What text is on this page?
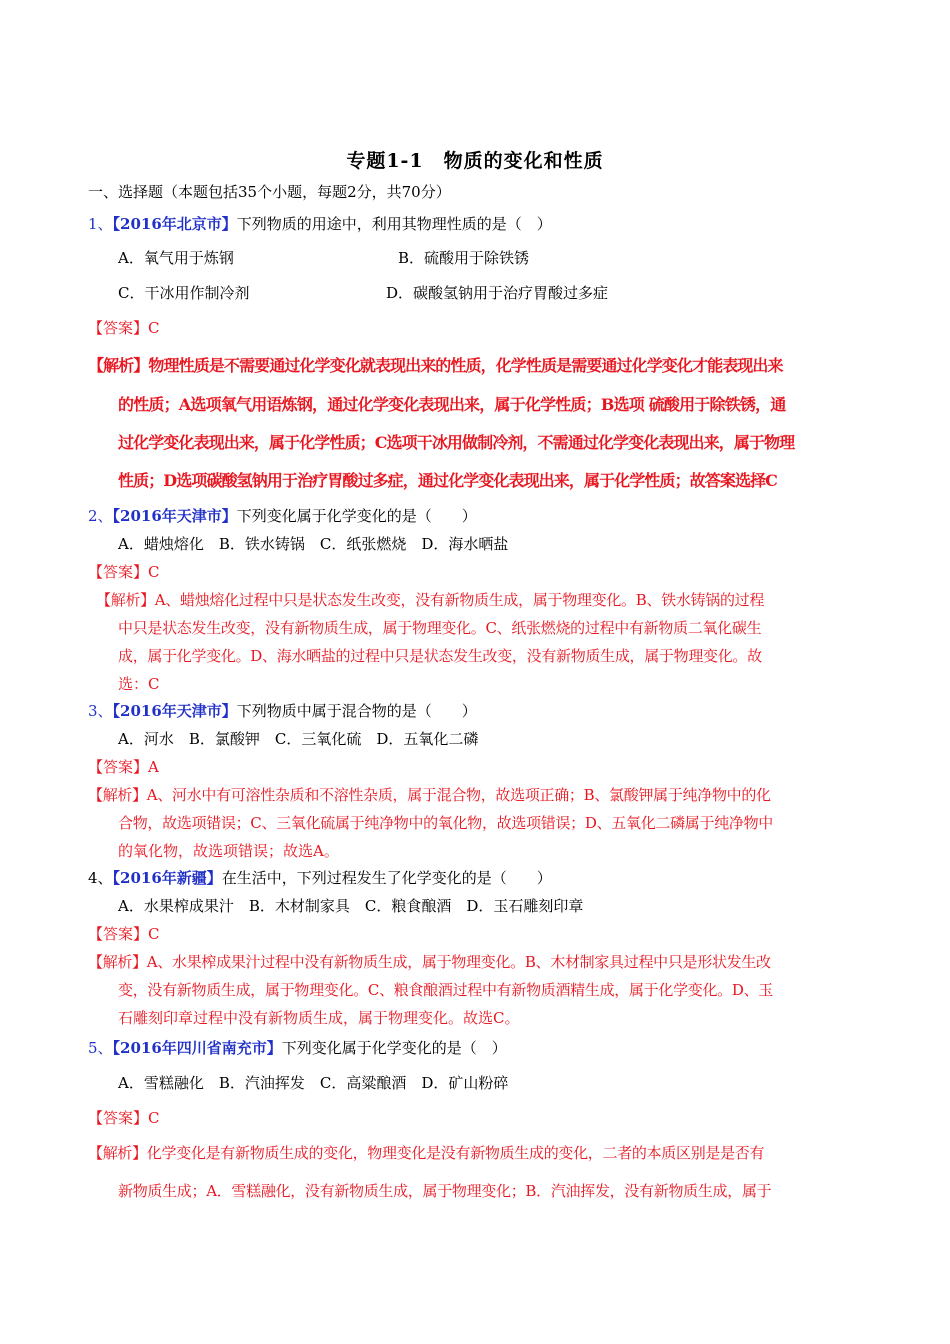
专题1-1　物质的变化和性质
一、选择题（本题包括35个小题，每题2分，共70分）
1、【2016年北京市】下列物质的用途中，利用其物理性质的是（　）
A．氧气用于炼钢	B．硫酸用于除铁锈
C．干冰用作制冷剂	D．碳酸氢钠用于治疗胃酸过多症
【答案】C
【解析】物理性质是不需要通过化学变化就表现出来的性质，化学性质是需要通过化学变化才能表现出来
的性质；A选项氧气用语炼钢，通过化学变化表现出来，属于化学性质；B选项 硫酸用于除铁锈，通
过化学变化表现出来，属于化学性质；C选项干冰用做制冷剂，不需通过化学变化表现出来，属于物理
性质；D选项碳酸氢钠用于治疗胃酸过多症，通过化学变化表现出来，属于化学性质；故答案选择C
2、【2016年天津市】下列变化属于化学变化的是（　　）
A．蜡烛熔化　B．铁水铸锅　C．纸张燃烧　D．海水晒盐
【答案】C
【解析】A、蜡烛熔化过程中只是状态发生改变，没有新物质生成，属于物理变化。B、铁水铸锅的过程
中只是状态发生改变，没有新物质生成，属于物理变化。C、纸张燃烧的过程中有新物质二氧化碳生
成，属于化学变化。D、海水晒盐的过程中只是状态发生改变，没有新物质生成，属于物理变化。故
选：C
3、【2016年天津市】下列物质中属于混合物的是（　　）
A．河水　B．氯酸钾　C．三氧化硫　D．五氧化二磷
【答案】A
【解析】A、河水中有可溶性杂质和不溶性杂质，属于混合物，故选项正确；B、氯酸钾属于纯净物中的化
合物，故选项错误；C、三氧化硫属于纯净物中的氧化物，故选项错误；D、五氧化二磷属于纯净物中
的氧化物，故选项错误；故选A。
4、【2016年新疆】在生活中，下列过程发生了化学变化的是（　　）
A．水果榨成果汁　B．木材制家具　C．粮食酿酒　D．玉石雕刻印章
【答案】C
【解析】A、水果榨成果汁过程中没有新物质生成，属于物理变化。B、木材制家具过程中只是形状发生改
变，没有新物质生成，属于物理变化。C、粮食酿酒过程中有新物质酒精生成，属于化学变化。D、玉
石雕刻印章过程中没有新物质生成，属于物理变化。故选C。
5、【2016年四川省南充市】下列变化属于化学变化的是（　）
A．雪糕融化　B．汽油挥发　C．高粱酿酒　D．矿山粉碎
【答案】C
【解析】化学变化是有新物质生成的变化，物理变化是没有新物质生成的变化，二者的本质区别是是否有
新物质生成；A．雪糕融化，没有新物质生成，属于物理变化；B．汽油挥发，没有新物质生成，属于
